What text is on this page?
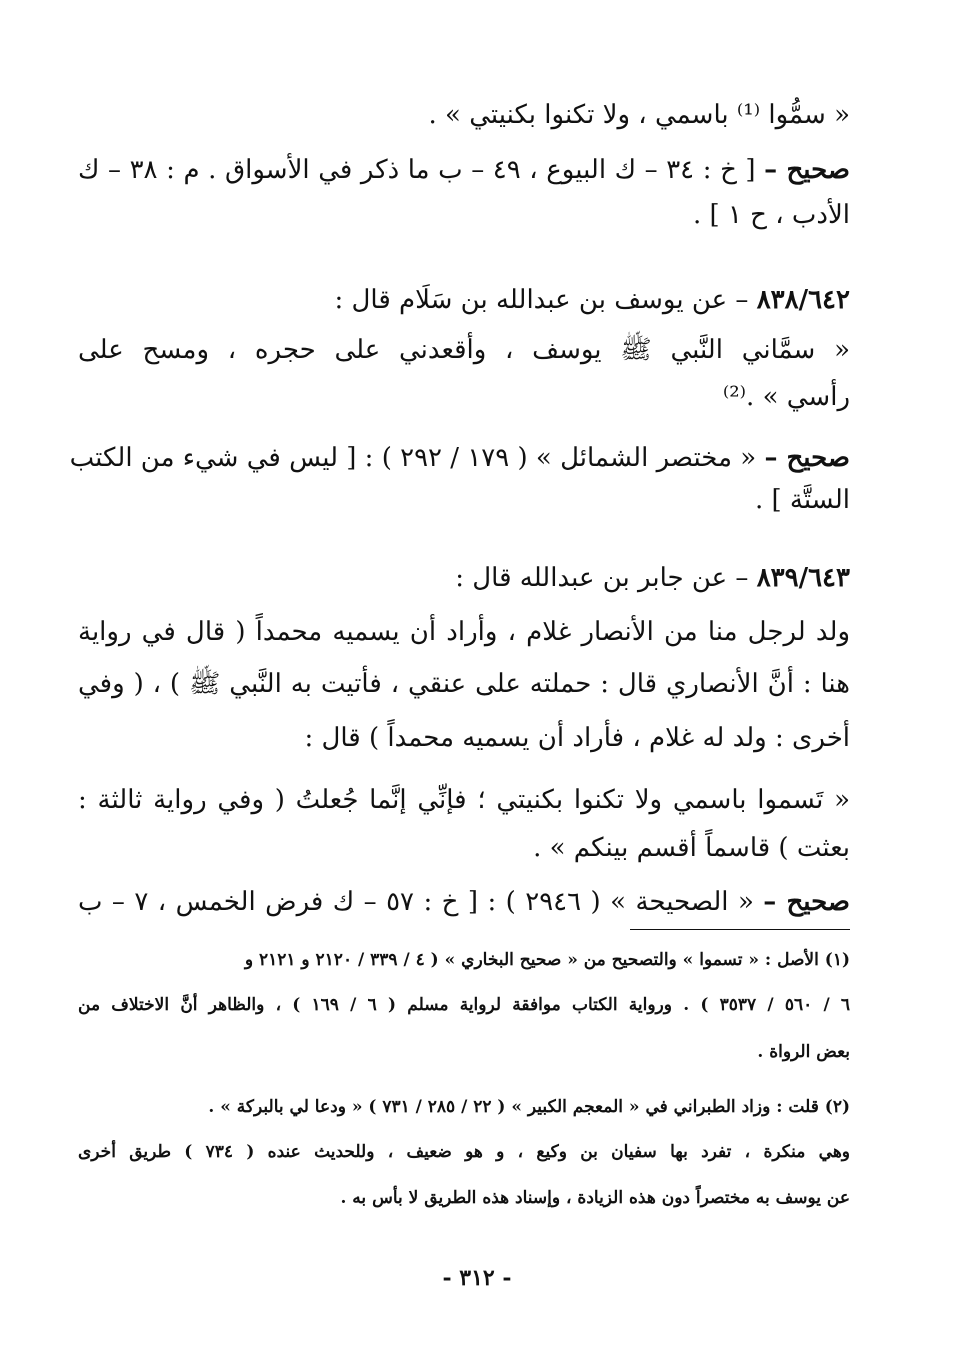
« سمُّوا ⁽¹⁾ باسمي ، ولا تكنوا بكنيتي » .
صحيح – [ خ : ٣٤ – ك البيوع ، ٤٩ – ب ما ذكر في الأسواق . م : ٣٨ – ك
الأدب ، ح ١ ] .
٨٣٨/٦٤٢ – عن يوسف بن عبدالله بن سَلَام قال :
« سمَّاني النَّبي ﷺ يوسف ، وأقعدني على حجره ، ومسح على
رأسي » .⁽²⁾
صحيح – « مختصر الشمائل » ( ١٧٩ / ٢٩٢ ) : [ ليس في شيء من الكتب
الستَّة ] .
٨٣٩/٦٤٣ – عن جابر بن عبدالله قال :
ولد لرجل منا من الأنصار غلام ، وأراد أن يسميه محمداً ( قال في رواية
هنا : أنَّ الأنصاري قال : حملته على عنقي ، فأتيت به النَّبي ﷺ ) ، ( وفي
أخرى : ولد له غلام ، فأراد أن يسميه محمداً ) قال :
« تَسموا باسمي ولا تكنوا بكنيتي ؛ فإنِّي إنَّما جُعلتُ ( وفي رواية ثالثة :
بعثت ) قاسماً أقسم بينكم » .
صحيح – « الصحيحة » ( ٢٩٤٦ ) : [ خ : ٥٧ – ك فرض الخمس ، ٧ – ب
(١) الأصل : « تسموا » والتصحيح من « صحيح البخاري » ( ٤ / ٣٣٩ / ٢١٢٠ و ٢١٢١ و
٦ / ٥٦٠ / ٣٥٣٧ ) . ورواية الكتاب موافقة لرواية مسلم ( ٦ / ١٦٩ ) ، والظاهر أنَّ الاختلاف من
بعض الرواة .
(٢) قلت : وزاد الطبراني في « المعجم الكبير » ( ٢٢ / ٢٨٥ / ٧٣١ ) « ودعا لي بالبركة » .
وهي منكرة ، تفرد بها سفيان بن وكيع ، و هو ضعيف ، وللحديث عنده ( ٧٣٤ ) طريق أخرى
عن يوسف به مختصراً دون هذه الزيادة ، وإسناد هذه الطريق لا بأس به .
- ٣١٢ -
